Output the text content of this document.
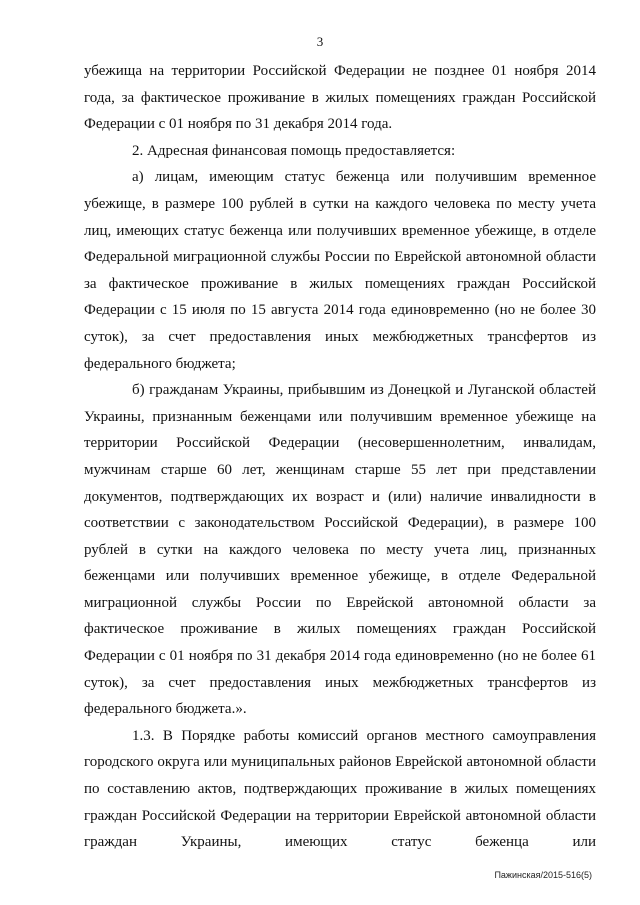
3

убежища на территории Российской Федерации не позднее 01 ноября 2014 года, за фактическое проживание в жилых помещениях граждан Российской Федерации с 01 ноября по 31 декабря 2014 года.

2. Адресная финансовая помощь предоставляется:

а) лицам, имеющим статус беженца или получившим временное убежище, в размере 100 рублей в сутки на каждого человека по месту учета лиц, имеющих статус беженца или получивших временное убежище, в отделе Федеральной миграционной службы России по Еврейской автономной области за фактическое проживание в жилых помещениях граждан Российской Федерации с 15 июля по 15 августа 2014 года единовременно (но не более 30 суток), за счет предоставления иных межбюджетных трансфертов из федерального бюджета;

б) гражданам Украины, прибывшим из Донецкой и Луганской областей Украины, признанным беженцами или получившим временное убежище на территории Российской Федерации (несовершеннолетним, инвалидам, мужчинам старше 60 лет, женщинам старше 55 лет при представлении документов, подтверждающих их возраст и (или) наличие инвалидности в соответствии с законодательством Российской Федерации), в размере 100 рублей в сутки на каждого человека по месту учета лиц, признанных беженцами или получивших временное убежище, в отделе Федеральной миграционной службы России по Еврейской автономной области за фактическое проживание в жилых помещениях граждан Российской Федерации с 01 ноября по 31 декабря 2014 года единовременно (но не более 61 суток), за счет предоставления иных межбюджетных трансфертов из федерального бюджета.».

1.3. В Порядке работы комиссий органов местного самоуправления городского округа или муниципальных районов Еврейской автономной области по составлению актов, подтверждающих проживание в жилых помещениях граждан Российской Федерации на территории Еврейской автономной области граждан Украины, имеющих статус беженца или

Пажинская/2015-516(5)
